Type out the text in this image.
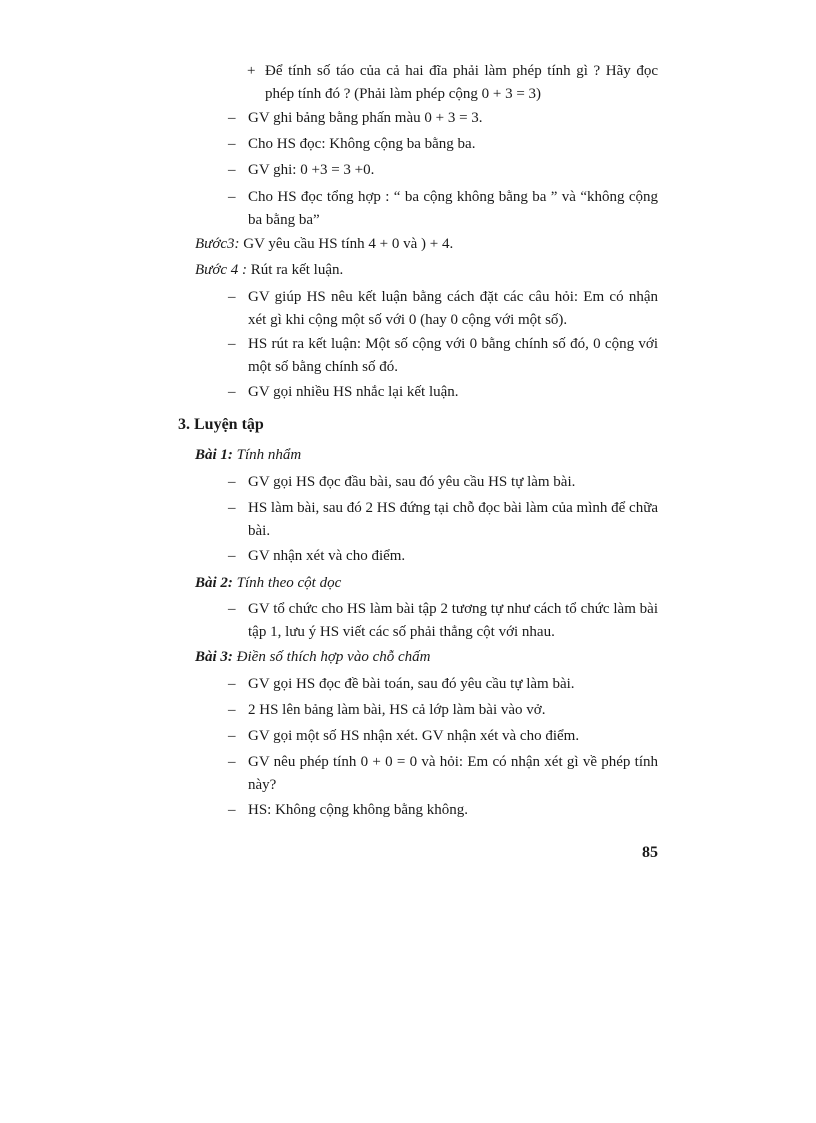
+ Để tính số táo của cả hai đĩa phải làm phép tính gì ? Hãy đọc phép tính đó ? (Phải làm phép cộng 0 + 3 = 3)

– GV ghi bảng bằng phấn màu 0 + 3 = 3.

– Cho HS đọc: Không cộng ba bằng ba.

– GV ghi: 0 +3 = 3 +0.

– Cho HS đọc tổng hợp : “ ba cộng không bằng ba ” và “không cộng ba bằng ba”

Bước3: GV yêu cầu HS tính 4 + 0 và ) + 4.

Bước 4 : Rút ra kết luận.

– GV giúp HS nêu kết luận bằng cách đặt các câu hỏi: Em có nhận xét gì khi cộng một số với 0 (hay 0 cộng với một số).

– HS rút ra kết luận: Một số cộng với 0 bằng chính số đó, 0 cộng với một số bằng chính số đó.

– GV gọi nhiều HS nhắc lại kết luận.

3. Luyện tập

Bài 1: Tính nhẩm

– GV gọi HS đọc đầu bài, sau đó yêu cầu HS tự làm bài.

– HS làm bài, sau đó 2 HS đứng tại chỗ đọc bài làm của mình để chữa bài.

– GV nhận xét và cho điểm.

Bài 2: Tính theo cột dọc

– GV tổ chức cho HS làm bài tập 2 tương tự như cách tổ chức làm bài tập 1, lưu ý HS viết các số phải thẳng cột với nhau.

Bài 3: Điền số thích hợp vào chỗ chấm

– GV gọi HS đọc đề bài toán, sau đó yêu cầu tự làm bài.

– 2 HS lên bảng làm bài, HS cả lớp làm bài vào vở.

– GV gọi một số HS nhận xét. GV nhận xét và cho điểm.

– GV nêu phép tính 0 + 0 = 0 và hỏi: Em có nhận xét gì về phép tính này?

– HS: Không cộng không bằng không.

85
